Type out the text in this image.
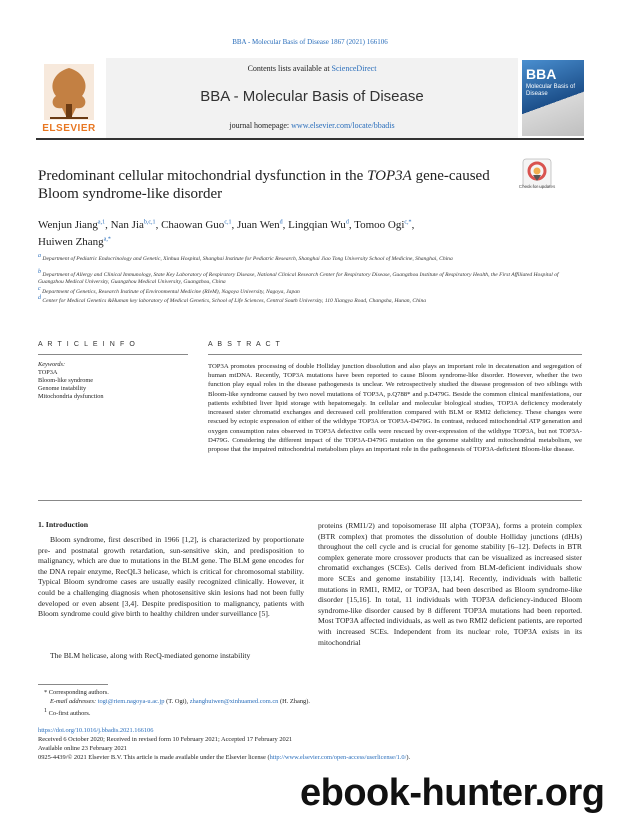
BBA - Molecular Basis of Disease 1867 (2021) 166106
ELSEVIER
Contents lists available at ScienceDirect
BBA - Molecular Basis of Disease
journal homepage: www.elsevier.com/locate/bbadis
BBA
Molecular Basis of Disease
Predominant cellular mitochondrial dysfunction in the TOP3A gene-caused Bloom syndrome-like disorder	Check for updates
Wenjun Jiang$^{a,1}$, Nan Jia$^{b,c,1}$, Chaowan Guo$^{c,1}$, Juan Wen$^d$, Lingqian Wu$^d$, Tomoo Ogi$^{c,*}$,
Huiwen Zhang$^{a,*}$
$^a$ Department of Pediatric Endocrinology and Genetic, Xinhua Hospital, Shanghai Institute for Pediatric Research, Shanghai Jiao Tong University School of Medicine, Shanghai, China
$^b$ Department of Allergy and Clinical Immunology, State Key Laboratory of Respiratory Disease, National Clinical Research Center for Respiratory Disease, Guangzhou Institute of Respiratory Health, the First Affiliated Hospital of Guangzhou Medical University, Guangzhou Medical University, Guangzhou, China
$^c$ Department of Genetics, Research Institute of Environmental Medicine (RIeM), Nagoya University, Nagoya, Japan
$^d$ Center for Medical Genetics &Human key laboratory of Medical Genetics, School of Life Sciences, Central South University, 110 Xiangya Road, Changsha, Hunan, China
A R T I C L E I N F O	A B S T R A C T
Keywords:
TOP3A
Bloom-like syndrome
Genome instability
Mitochondria dysfunction
TOP3A promotes processing of double Holliday junction dissolution and also plays an important role in decatenation and segregation of human mtDNA. Recently, TOP3A mutations have been reported to cause Bloom syndrome-like disorder. However, whether the two function play equal roles in the disease pathogenesis is unclear. We retrospectively studied the disease progression of two siblings with Bloom-like syndrome caused by two novel mutations of TOP3A, p.Q788* and p.D479G. Beside the common clinical manifestations, our patients exhibited liver lipid storage with hepatomegaly. In cellular and molecular biological studies, TOP3A deficiency moderately increased sister chromatid exchanges and decreased cell proliferation compared with BLM or RMI2 deficiency. These changes were rescued by ectopic expression of either of the wildtype TOP3A or TOP3A-D479G. In contrast, reduced mitochondrial ATP generation and oxygen consumption rates observed in TOP3A defective cells were rescued by over-expression of the wildtype TOP3A, but not TOP3A-D479G. Considering the different impact of the TOP3A-D479G mutation on the genome stability and mitochondrial metabolism, we propose that the impaired mitochondrial metabolism plays an important role in the pathogenesis of TOP3A-deficient Bloom-like disease.
1. Introduction
Bloom syndrome, first described in 1966 [1,2], is characterized by proportionate pre- and postnatal growth retardation, sun-sensitive skin, and predisposition to malignancy, which are due to mutations in the BLM gene. The BLM gene encodes for the DNA repair enzyme, RecQL3 helicase, which is critical for chromosomal stability. Typical Bloom syndrome cases are usually easily recognized clinically. However, it could be a challenging diagnosis when photosensitive skin lesions had not been fully developed or even absent [3,4]. Despite predisposition to malignancy, patients with Bloom syndrome could give birth to healthy children under surveillance [5].
The BLM helicase, along with RecQ-mediated genome instability
proteins (RMI1/2) and topoisomerase III alpha (TOP3A), forms a protein complex (BTR complex) that promotes the dissolution of double Holliday junctions (dHJs) throughout the cell cycle and is crucial for genome stability [6–12]. Defects in BTR complex generate more crossover products that can be visualized as increased sister chromatid exchanges (SCEs). Cells derived from BLM-deficient individuals show more SCEs and genome instability [13,14]. Recently, individuals with balletic mutations in RMI1, RMI2, or TOP3A, had been described as Bloom syndrome-like disorder [15,16]. In total, 11 individuals with TOP3A deficiency-induced Bloom syndrome-like disorder caused by 8 different TOP3A mutations had been reported. Most TOP3A affected individuals, as well as two RMI2 deficient patients, are reported with increased SCEs. Independent from its nuclear role, TOP3A exists in its mitochondrial
* Corresponding authors.
E-mail addresses: togi@riem.nagoya-u.ac.jp (T. Ogi), zhanghuiwen@xinhuamed.com.cn (H. Zhang).
$^1$ Co-first authors.
https://doi.org/10.1016/j.bbadis.2021.166106
Received 6 October 2020; Received in revised form 10 February 2021; Accepted 17 February 2021
Available online 23 February 2021
0925-4439/© 2021 Elsevier B.V. This article is made available under the Elsevier license (http://www.elsevier.com/open-access/userlicense/1.0/).
ebook-hunter.org
